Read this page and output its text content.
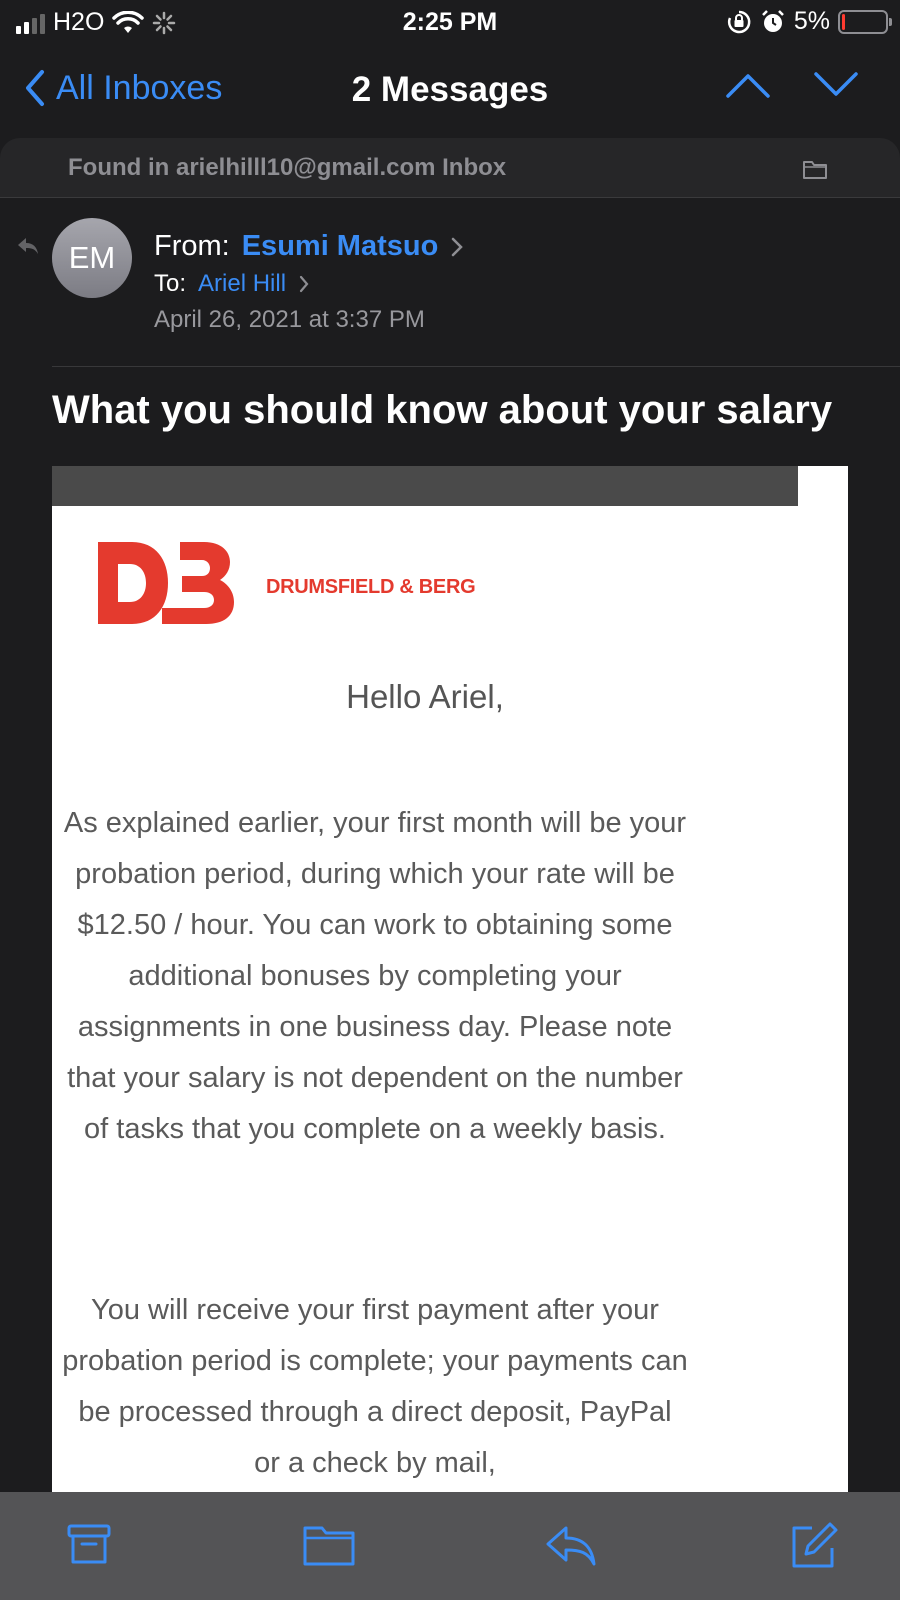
H2O	2:25 PM	5%
All Inboxes	2 Messages
Found in arielhilll10@gmail.com Inbox
EM	From: Esumi Matsuo
To: Ariel Hill
April 26, 2021 at 3:37 PM
What you should know about your salary
DRUMSFIELD & BERG
Hello Ariel,
As explained earlier, your first month will be your probation period, during which your rate will be $12.50 / hour. You can work to obtaining some additional bonuses by completing your assignments in one business day. Please note that your salary is not dependent on the number of tasks that you complete on a weekly basis.
You will receive your first payment after your probation period is complete; your payments can be processed through a direct deposit, PayPal or a check by mail,
